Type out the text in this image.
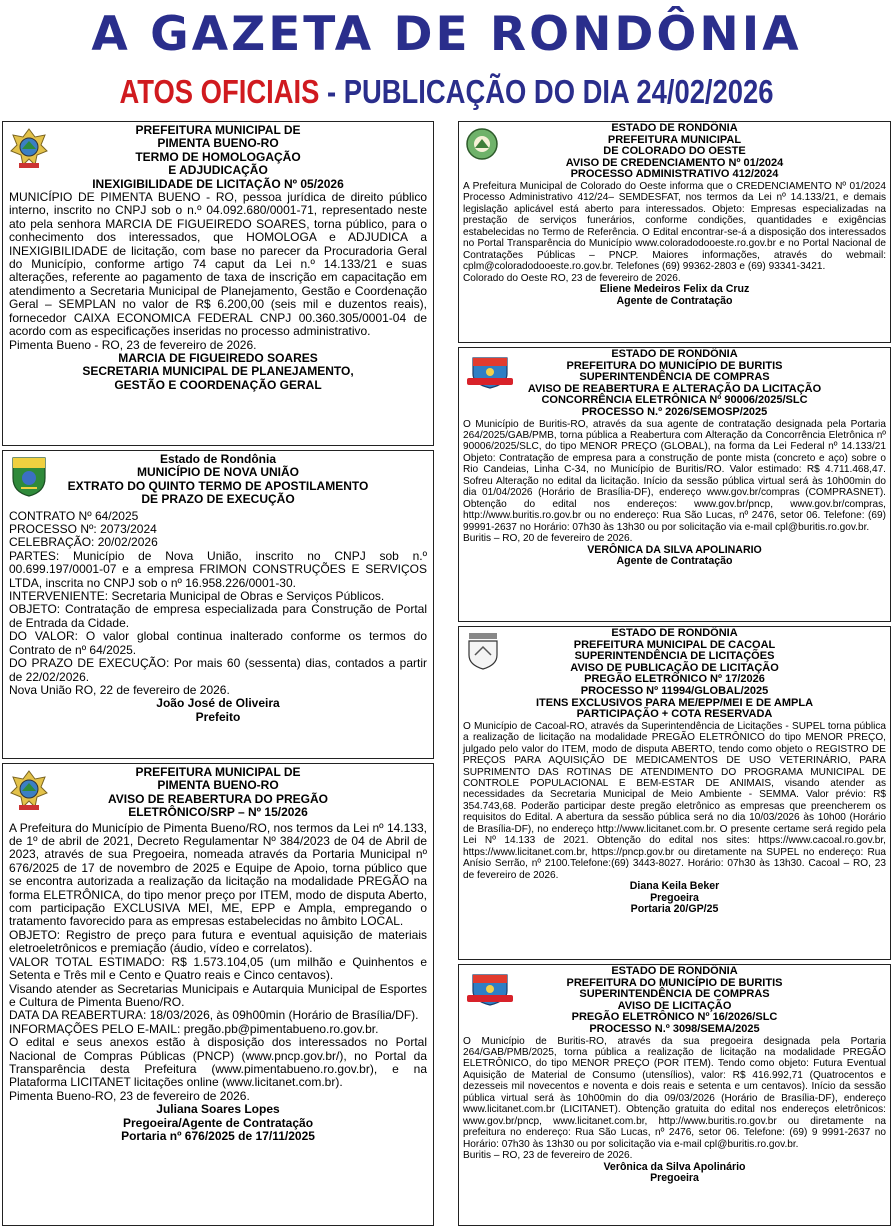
A GAZETA DE RONDÔNIA
ATOS OFICIAIS - PUBLICAÇÃO DO DIA 24/02/2026

PREFEITURA MUNICIPAL DE

PIMENTA BUENO-RO

TERMO DE HOMOLOGAÇÃO

E ADJUDICAÇÃO

INEXIGIBILIDADE DE LICITAÇÃO Nº 05/2026

MUNICÍPIO DE PIMENTA BUENO - RO, pessoa jurídica de direito público interno, inscrito no CNPJ sob o n.º 04.092.680/0001-71, representado neste ato pela senhora MARCIA DE FIGUEIREDO SOARES, torna público, para o conhecimento dos interessados, que HOMOLOGA e ADJUDICA a INEXIGIBILIDADE de licitação, com base no parecer da Procuradoria Geral do Município, conforme artigo 74 caput da Lei n.º 14.133/21 e suas alterações, referente ao pagamento de taxa de inscrição em capacitação em atendimento a Secretaria Municipal de Planejamento, Gestão e Coordenação Geral – SEMPLAN no valor de R$ 6.200,00 (seis mil e duzentos reais), fornecedor CAIXA ECONOMICA FEDERAL CNPJ 00.360.305/0001-04 de acordo com as especificações inseridas no processo administrativo.

Pimenta Bueno - RO, 23 de fevereiro de 2026.

MARCIA DE FIGUEIREDO SOARES

SECRETARIA MUNICIPAL DE PLANEJAMENTO,

GESTÃO E COORDENAÇÃO GERAL

Estado de Rondônia

MUNICÍPIO DE NOVA UNIÃO

EXTRATO DO QUINTO TERMO DE APOSTILAMENTO

DE PRAZO DE EXECUÇÃO

CONTRATO Nº 64/2025

PROCESSO Nº: 2073/2024

CELEBRAÇÃO: 20/02/2026

PARTES: Município de Nova União, inscrito no CNPJ sob n.º 00.699.197/0001-07 e a empresa FRIMON CONSTRUÇÕES E SERVIÇOS LTDA, inscrita no CNPJ sob o nº 16.958.226/0001-30.

INTERVENIENTE: Secretaria Municipal de Obras e Serviços Públicos.

OBJETO: Contratação de empresa especializada para Construção de Portal de Entrada da Cidade.

DO VALOR: O valor global continua inalterado conforme os termos do Contrato de nº 64/2025.

DO PRAZO DE EXECUÇÃO: Por mais 60 (sessenta) dias, contados a partir de 22/02/2026.

Nova União RO, 22 de fevereiro de 2026.

João José de Oliveira

Prefeito

PREFEITURA MUNICIPAL DE

PIMENTA BUENO-RO

AVISO DE REABERTURA DO PREGÃO

ELETRÔNICO/SRP – Nº 15/2026

A Prefeitura do Município de Pimenta Bueno/RO, nos termos da Lei nº 14.133, de 1º de abril de 2021, Decreto Regulamentar Nº 384/2023 de 04 de Abril de 2023, através de sua Pregoeira, nomeada através da Portaria Municipal nº 676/2025 de 17 de novembro de 2025 e Equipe de Apoio, torna público que se encontra autorizada a realização da licitação na modalidade PREGÃO na forma ELETRÔNICA, do tipo menor preço por ITEM, modo de disputa Aberto, com participação EXCLUSIVA MEI, ME, EPP e Ampla, empregando o tratamento favorecido para as empresas estabelecidas no âmbito LOCAL.

OBJETO: Registro de preço para futura e eventual aquisição de materiais eletroeletrônicos e premiação (áudio, vídeo e correlatos).

VALOR TOTAL ESTIMADO: R$ 1.573.104,05 (um milhão e Quinhentos e Setenta e Três mil e Cento e Quatro reais e Cinco centavos).

Visando atender as Secretarias Municipais e Autarquia Municipal de Esportes e Cultura de Pimenta Bueno/RO.

DATA DA REABERTURA: 18/03/2026, às 09h00min (Horário de Brasília/DF).

INFORMAÇÕES PELO E-MAIL: pregão.pb@pimentabueno.ro.gov.br.

O edital e seus anexos estão à disposição dos interessados no Portal Nacional de Compras Públicas (PNCP) (www.pncp.gov.br/), no Portal da Transparência desta Prefeitura (www.pimentabueno.ro.gov.br), e na Plataforma LICITANET licitações online (www.licitanet.com.br).

Pimenta Bueno-RO, 23 de fevereiro de 2026.

Juliana Soares Lopes

Pregoeira/Agente de Contratação

Portaria nº 676/2025 de 17/11/2025

ESTADO DE RONDÔNIA

PREFEITURA MUNICIPAL

DE COLORADO DO OESTE

AVISO DE CREDENCIAMENTO Nº 01/2024

PROCESSO ADMINISTRATIVO 412/2024

A Prefeitura Municipal de Colorado do Oeste informa que o CREDENCIAMENTO Nº 01/2024 Processo Administrativo 412/24– SEMDESFAT, nos termos da Lei nº 14.133/21, e demais legislação aplicável está aberto para interessados. Objeto: Empresas especializadas na prestação de serviços funerários, conforme condições, quantidades e exigências estabelecidas no Termo de Referência. O Edital encontrar-se-á a disposição dos interessados no Portal Transparência do Município www.coloradodooeste.ro.gov.br e no Portal Nacional de Contratações Públicas – PNCP. Maiores informações, através do webmail: cplm@coloradodooeste.ro.gov.br. Telefones (69) 99362-2803 e (69) 93341-3421.

Colorado do Oeste RO, 23 de fevereiro de 2026.

Eliene Medeiros Felix da Cruz

Agente de Contratação

ESTADO DE RONDÔNIA

PREFEITURA DO MUNICÍPIO DE BURITIS

SUPERINTENDÊNCIA DE COMPRAS

AVISO DE REABERTURA E ALTERAÇÃO DA LICITAÇÃO

CONCORRÊNCIA ELETRÔNICA Nº 90006/2025/SLC

PROCESSO N.º 2026/SEMOSP/2025

O Município de Buritis-RO, através da sua agente de contratação designada pela Portaria 264/2025/GAB/PMB, torna pública a Reabertura com Alteração da Concorrência Eletrônica nº 90006/2025/SLC, do tipo MENOR PREÇO (GLOBAL), na forma da Lei Federal nº 14.133/21 Objeto: Contratação de empresa para a construção de ponte mista (concreto e aço) sobre o Rio Candeias, Linha C-34, no Município de Buritis/RO. Valor estimado: R$ 4.711.468,47. Sofreu Alteração no edital da licitação. Início da sessão pública virtual será às 10h00min do dia 01/04/2026 (Horário de Brasília-DF), endereço www.gov.br/compras (COMPRASNET). Obtenção do edital nos endereços: www.gov.br/pncp, www.gov.br/compras, http://www.buritis.ro.gov.br ou no endereço: Rua São Lucas, nº 2476, setor 06. Telefone: (69) 99991-2637 no Horário: 07h30 às 13h30 ou por solicitação via e-mail cpl@buritis.ro.gov.br.

Buritis – RO, 20 de fevereiro de 2026.

VERÔNICA DA SILVA APOLINARIO

Agente de Contratação

ESTADO DE RONDÔNIA

PREFEITURA MUNICIPAL DE CACOAL

SUPERINTENDÊNCIA DE LICITAÇÕES

AVISO DE PUBLICAÇÃO DE LICITAÇÃO

PREGÃO ELETRÔNICO Nº 17/2026

PROCESSO Nº 11994/GLOBAL/2025

ITENS EXCLUSIVOS PARA ME/EPP/MEI E DE AMPLA

PARTICIPAÇÃO + COTA RESERVADA

O Município de Cacoal-RO, através da Superintendência de Licitações - SUPEL torna pública a realização de licitação na modalidade PREGÃO ELETRÔNICO do tipo MENOR PREÇO, julgado pelo valor do ITEM, modo de disputa ABERTO, tendo como objeto o REGISTRO DE PREÇOS PARA AQUISIÇÃO DE MEDICAMENTOS DE USO VETERINÁRIO, PARA SUPRIMENTO DAS ROTINAS DE ATENDIMENTO DO PROGRAMA MUNICIPAL DE CONTROLE POPULACIONAL E BEM-ESTAR DE ANIMAIS, visando atender as necessidades da Secretaria Municipal de Meio Ambiente - SEMMA. Valor prévio: R$ 354.743,68. Poderão participar deste pregão eletrônico as empresas que preencherem os requisitos do Edital. A abertura da sessão pública será no dia 10/03/2026 às 10h00 (Horário de Brasília-DF), no endereço http://www.licitanet.com.br. O presente certame será regido pela Lei Nº 14.133 de 2021. Obtenção do edital nos sites: https://www.cacoal.ro.gov.br, https://www.licitanet.com.br, https://pncp.gov.br ou diretamente na SUPEL no endereço: Rua Anísio Serrão, nº 2100.Telefone:(69) 3443-8027. Horário: 07h30 às 13h30. Cacoal – RO, 23 de fevereiro de 2026.

Diana Keila Beker

Pregoeira

Portaria 20/GP/25

ESTADO DE RONDÔNIA

PREFEITURA DO MUNICÍPIO DE BURITIS

SUPERINTENDÊNCIA DE COMPRAS

AVISO DE LICITAÇÃO

PREGÃO ELETRÔNICO Nº 16/2026/SLC

PROCESSO N.º 3098/SEMA/2025

O Município de Buritis-RO, através da sua pregoeira designada pela Portaria 264/GAB/PMB/2025, torna pública a realização de licitação na modalidade PREGÃO ELETRÔNICO, do tipo MENOR PREÇO (POR ITEM). Tendo como objeto: Futura Eventual Aquisição de Material de Consumo (utensílios), valor: R$ 416.992,71 (Quatrocentos e dezesseis mil novecentos e noventa e dois reais e setenta e um centavos). Início da sessão pública virtual será às 10h00min do dia 09/03/2026 (Horário de Brasília-DF), endereço www.licitanet.com.br (LICITANET). Obtenção gratuita do edital nos endereços eletrônicos: www.gov.br/pncp, www.licitanet.com.br, http://www.buritis.ro.gov.br ou diretamente na prefeitura no endereço: Rua São Lucas, nº 2476, setor 06. Telefone: (69) 9 9991-2637 no Horário: 07h30 às 13h30 ou por solicitação via e-mail cpl@buritis.ro.gov.br.

Buritis – RO, 23 de fevereiro de 2026.

Verônica da Silva Apolinário

Pregoeira
